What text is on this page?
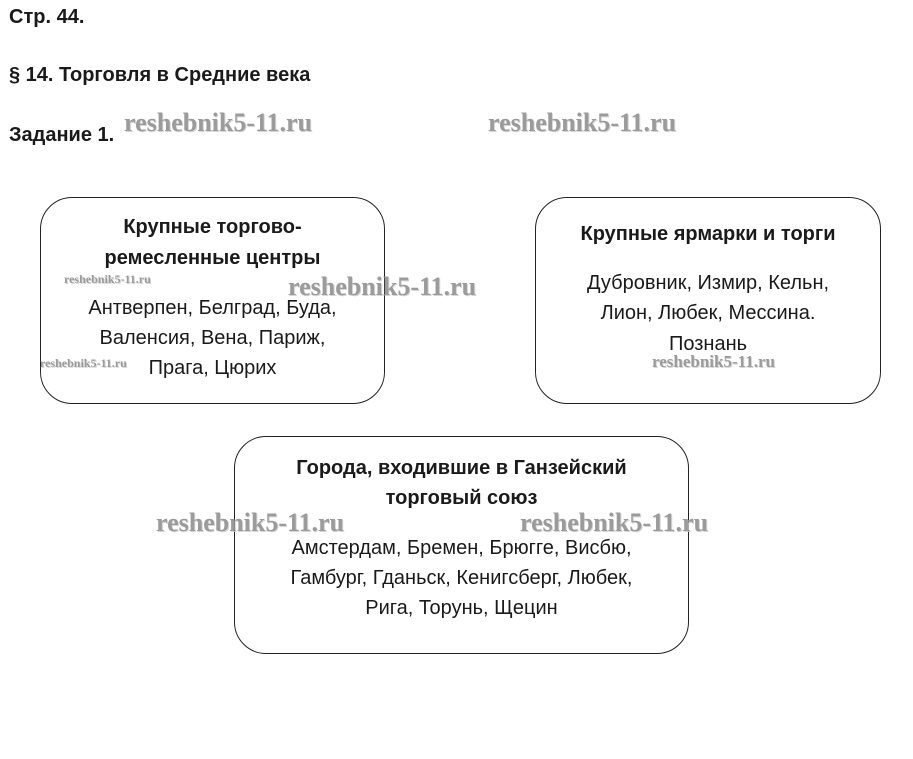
Стр. 44.
§ 14. Торговля в Средние века
Задание 1.
Крупные торгово-
ремесленные центры
Антверпен, Белград, Буда,
Валенсия, Вена, Париж,
Прага, Цюрих
Крупные ярмарки и торги
Дубровник, Измир, Кельн,
Лион, Любек, Мессина.
Познань
Города, входившие в Ганзейский
торговый союз
Амстердам, Бремен, Брюгге, Висбю,
Гамбург, Гданьск, Кенигсберг, Любек,
Рига, Торунь, Щецин
reshebnik5-11.ru	reshebnik5-11.ru
reshebnik5-11.ru	reshebnik5-11.ru
reshebnik5-11.ru	reshebnik5-11.ru
reshebnik5-11.ru	reshebnik5-11.ru
